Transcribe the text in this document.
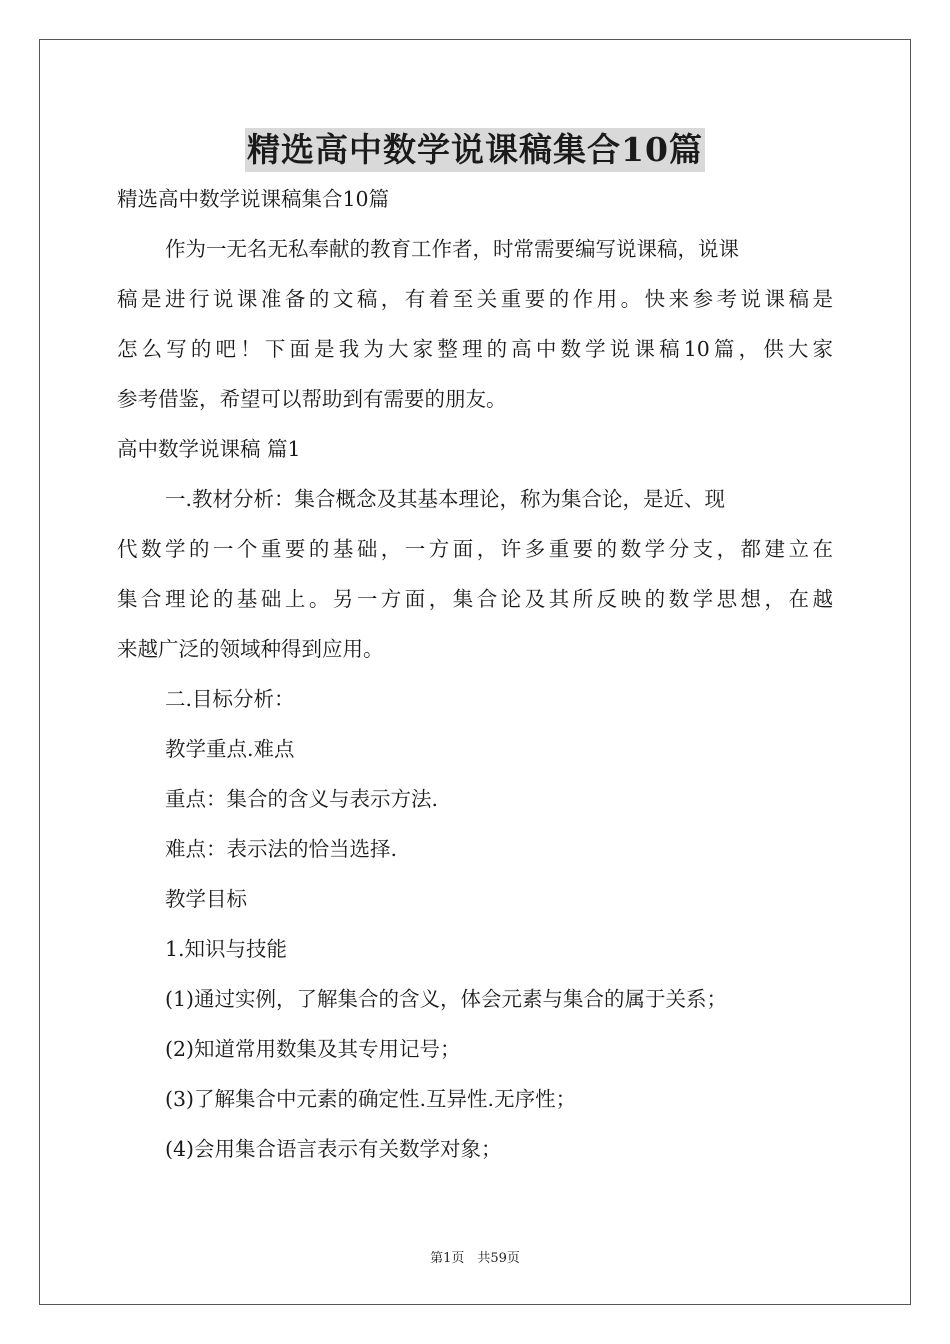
精选高中数学说课稿集合10篇
精选高中数学说课稿集合10篇
作为一无名无私奉献的教育工作者，时常需要编写说课稿，说课
稿是进行说课准备的文稿，有着至关重要的作用。快来参考说课稿是
怎么写的吧！下面是我为大家整理的高中数学说课稿10篇，供大家
参考借鉴，希望可以帮助到有需要的朋友。
高中数学说课稿 篇1
一.教材分析：集合概念及其基本理论，称为集合论，是近、现
代数学的一个重要的基础，一方面，许多重要的数学分支，都建立在
集合理论的基础上。另一方面，集合论及其所反映的数学思想，在越
来越广泛的领域种得到应用。
二.目标分析：
教学重点.难点
重点：集合的含义与表示方法.
难点：表示法的恰当选择.
教学目标
1.知识与技能
(1)通过实例，了解集合的含义，体会元素与集合的属于关系；
(2)知道常用数集及其专用记号；
(3)了解集合中元素的确定性.互异性.无序性；
(4)会用集合语言表示有关数学对象；
第1页　共59页
